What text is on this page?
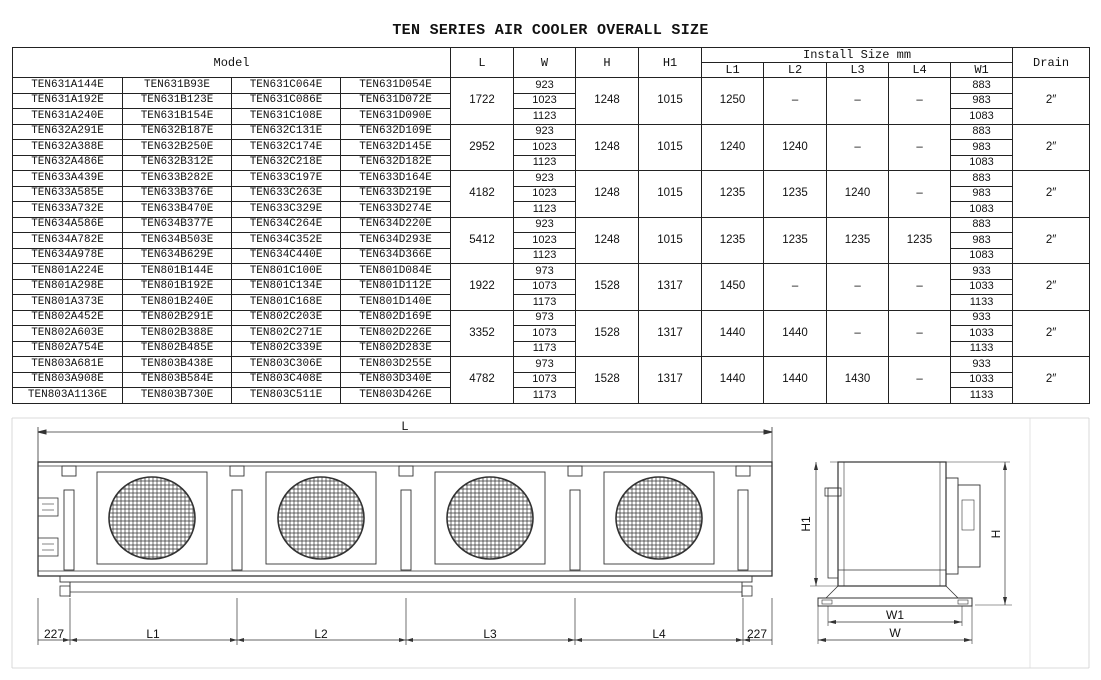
TEN SERIES AIR COOLER OVERALL SIZE
Model				L	W	H	H1	Install Size mm					Drain
								L1	L2	L3	L4	W1	
TEN631A144E	TEN631B93E	TEN631C064E	TEN631D054E	1722	923	1248	1015	1250	–	–	–	883	2″
TEN631A192E	TEN631B123E	TEN631C086E	TEN631D072E		1023							983	
TEN631A240E	TEN631B154E	TEN631C108E	TEN631D090E		1123							1083	
TEN632A291E	TEN632B187E	TEN632C131E	TEN632D109E	2952	923	1248	1015	1240	1240	–	–	883	2″
TEN632A388E	TEN632B250E	TEN632C174E	TEN632D145E		1023							983	
TEN632A486E	TEN632B312E	TEN632C218E	TEN632D182E		1123							1083	
TEN633A439E	TEN633B282E	TEN633C197E	TEN633D164E	4182	923	1248	1015	1235	1235	1240	–	883	2″
TEN633A585E	TEN633B376E	TEN633C263E	TEN633D219E		1023							983	
TEN633A732E	TEN633B470E	TEN633C329E	TEN633D274E		1123							1083	
TEN634A586E	TEN634B377E	TEN634C264E	TEN634D220E	5412	923	1248	1015	1235	1235	1235	1235	883	2″
TEN634A782E	TEN634B503E	TEN634C352E	TEN634D293E		1023							983	
TEN634A978E	TEN634B629E	TEN634C440E	TEN634D366E		1123							1083	
TEN801A224E	TEN801B144E	TEN801C100E	TEN801D084E	1922	973	1528	1317	1450	–	–	–	933	2″
TEN801A298E	TEN801B192E	TEN801C134E	TEN801D112E		1073							1033	
TEN801A373E	TEN801B240E	TEN801C168E	TEN801D140E		1173							1133	
TEN802A452E	TEN802B291E	TEN802C203E	TEN802D169E	3352	973	1528	1317	1440	1440	–	–	933	2″
TEN802A603E	TEN802B388E	TEN802C271E	TEN802D226E		1073							1033	
TEN802A754E	TEN802B485E	TEN802C339E	TEN802D283E		1173							1133	
TEN803A681E	TEN803B438E	TEN803C306E	TEN803D255E	4782	973	1528	1317	1440	1440	1430	–	933	2″
TEN803A908E	TEN803B584E	TEN803C408E	TEN803D340E		1073							1033	
TEN803A1136E	TEN803B730E	TEN803C511E	TEN803D426E		1173							1133	
L
227	L1	L2	L3	L4	227
H1
H
W1
W
